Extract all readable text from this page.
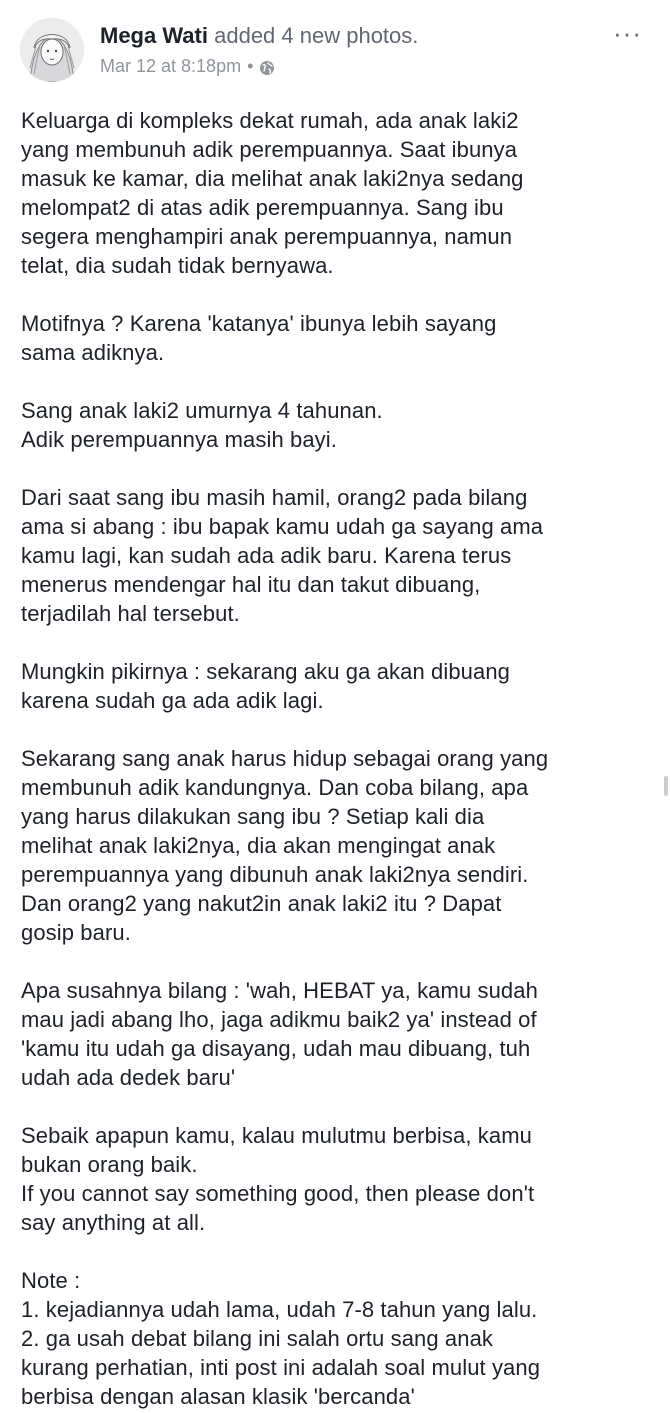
Mega Wati added 4 new photos.
Mar 12 at 8:18pm •
···

Keluarga di kompleks dekat rumah, ada anak laki2
yang membunuh adik perempuannya. Saat ibunya
masuk ke kamar, dia melihat anak laki2nya sedang
melompat2 di atas adik perempuannya. Sang ibu
segera menghampiri anak perempuannya, namun
telat, dia sudah tidak bernyawa.

Motifnya ? Karena 'katanya' ibunya lebih sayang
sama adiknya.

Sang anak laki2 umurnya 4 tahunan.
Adik perempuannya masih bayi.

Dari saat sang ibu masih hamil, orang2 pada bilang
ama si abang : ibu bapak kamu udah ga sayang ama
kamu lagi, kan sudah ada adik baru. Karena terus
menerus mendengar hal itu dan takut dibuang,
terjadilah hal tersebut.

Mungkin pikirnya : sekarang aku ga akan dibuang
karena sudah ga ada adik lagi.

Sekarang sang anak harus hidup sebagai orang yang
membunuh adik kandungnya. Dan coba bilang, apa
yang harus dilakukan sang ibu ? Setiap kali dia
melihat anak laki2nya, dia akan mengingat anak
perempuannya yang dibunuh anak laki2nya sendiri.
Dan orang2 yang nakut2in anak laki2 itu ? Dapat
gosip baru.

Apa susahnya bilang : 'wah, HEBAT ya, kamu sudah
mau jadi abang lho, jaga adikmu baik2 ya' instead of
'kamu itu udah ga disayang, udah mau dibuang, tuh
udah ada dedek baru'

Sebaik apapun kamu, kalau mulutmu berbisa, kamu
bukan orang baik.
If you cannot say something good, then please don't
say anything at all.

Note :
1. kejadiannya udah lama, udah 7-8 tahun yang lalu.
2. ga usah debat bilang ini salah ortu sang anak
kurang perhatian, inti post ini adalah soal mulut yang
berbisa dengan alasan klasik 'bercanda'
